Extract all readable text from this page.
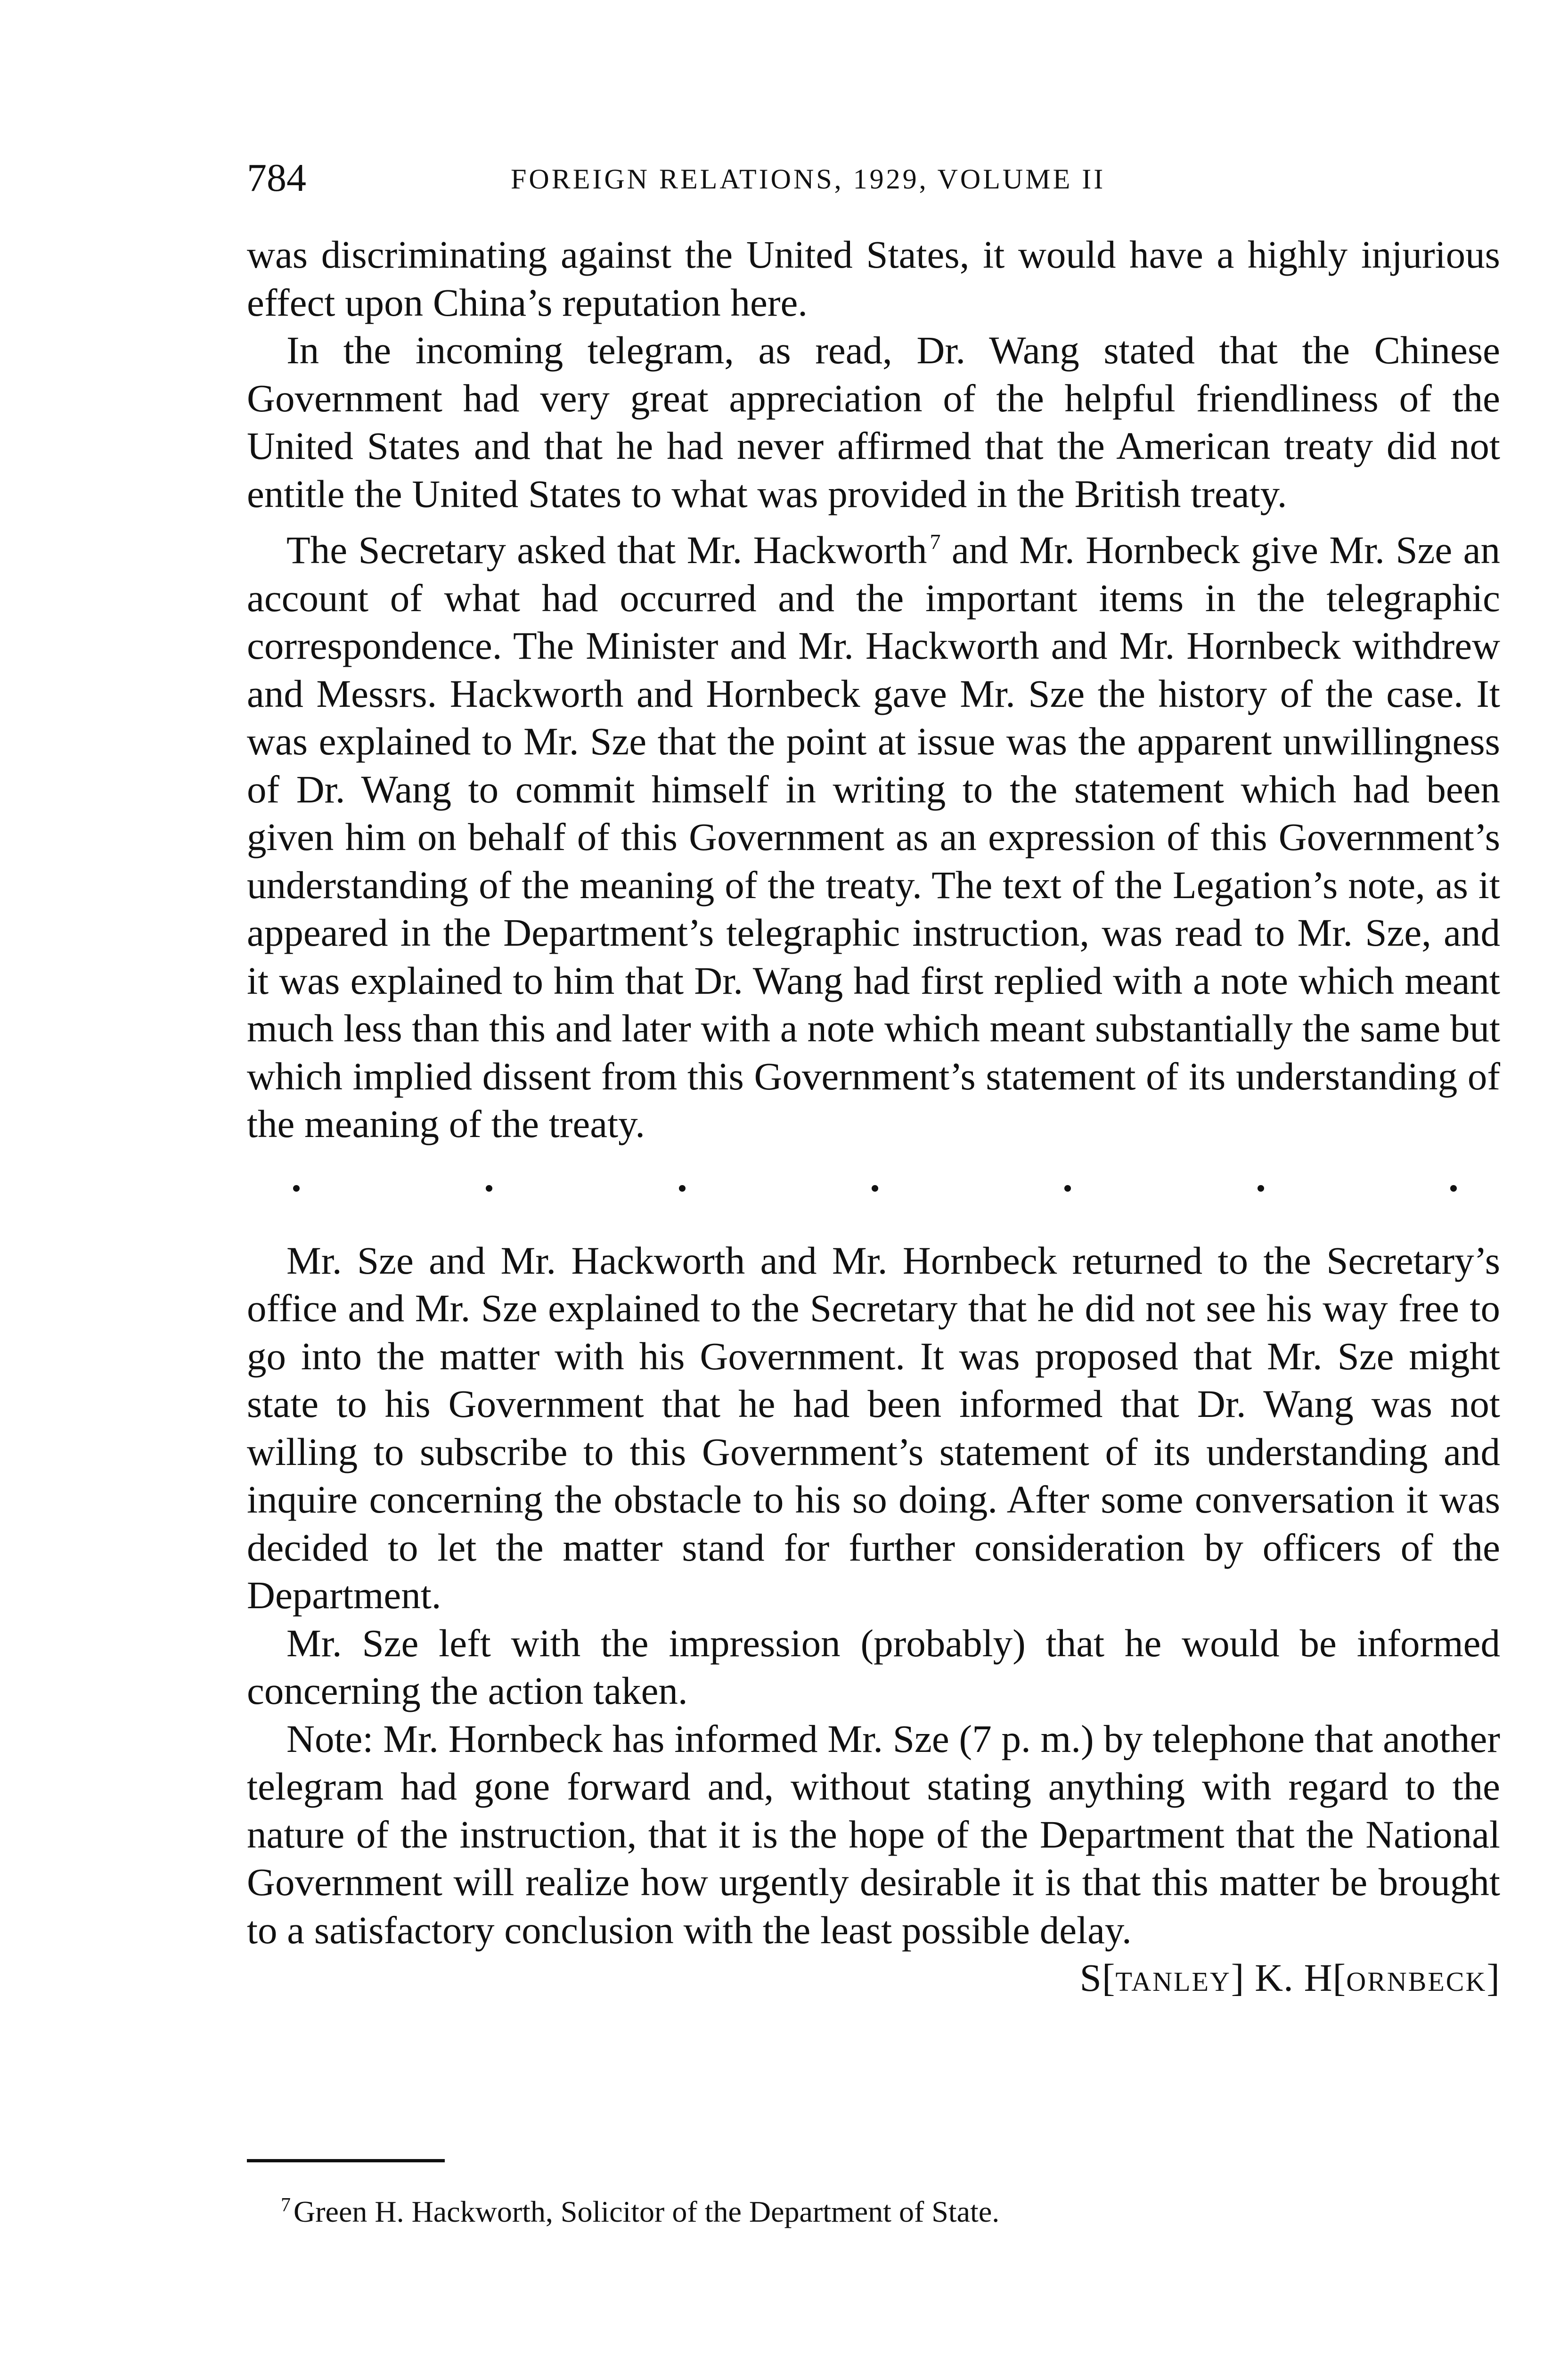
784	FOREIGN RELATIONS, 1929, VOLUME II

was discriminating against the United States, it would have a highly injurious effect upon China’s reputation here.

In the incoming telegram, as read, Dr. Wang stated that the Chinese Government had very great appreciation of the helpful friendliness of the United States and that he had never affirmed that the American treaty did not entitle the United States to what was provided in the British treaty.

The Secretary asked that Mr. Hackworth $^7$ and Mr. Hornbeck give Mr. Sze an account of what had occurred and the important items in the telegraphic correspondence. The Minister and Mr. Hackworth and Mr. Hornbeck withdrew and Messrs. Hackworth and Hornbeck gave Mr. Sze the history of the case. It was explained to Mr. Sze that the point at issue was the apparent unwillingness of Dr. Wang to commit himself in writing to the statement which had been given him on behalf of this Government as an expression of this Government’s understanding of the meaning of the treaty. The text of the Legation’s note, as it appeared in the Department’s telegraphic instruction, was read to Mr. Sze, and it was explained to him that Dr. Wang had first replied with a note which meant much less than this and later with a note which meant substantially the same but which implied dissent from this Government’s statement of its understanding of the meaning of the treaty.

Mr. Sze and Mr. Hackworth and Mr. Hornbeck returned to the Secretary’s office and Mr. Sze explained to the Secretary that he did not see his way free to go into the matter with his Government. It was proposed that Mr. Sze might state to his Government that he had been informed that Dr. Wang was not willing to subscribe to this Government’s statement of its understanding and inquire concerning the obstacle to his so doing. After some conversation it was decided to let the matter stand for further consideration by officers of the Department.

Mr. Sze left with the impression (probably) that he would be informed concerning the action taken.

Note: Mr. Hornbeck has informed Mr. Sze (7 p. m.) by telephone that another telegram had gone forward and, without stating anything with regard to the nature of the instruction, that it is the hope of the Department that the National Government will realize how urgently desirable it is that this matter be brought to a satisfactory conclusion with the least possible delay.

S[TANLEY] K. H[ORNBECK]

$^7$Green H. Hackworth, Solicitor of the Department of State.
